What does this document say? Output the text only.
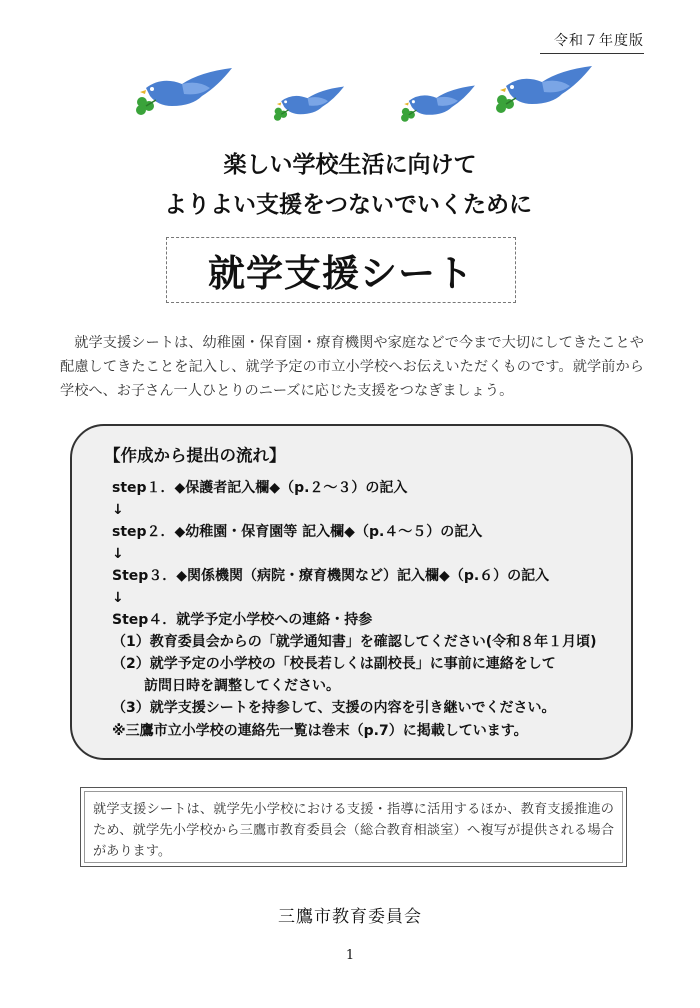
令和７年度版
楽しい学校生活に向けて
よりよい支援をつないでいくために
就学支援シート
　就学支援シートは、幼稚園・保育園・療育機関や家庭などで今まで大切にしてきたことや配慮してきたことを記入し、就学予定の市立小学校へお伝えいただくものです。就学前から学校へ、お子さん一人ひとりのニーズに応じた支援をつなぎましょう。
【作成から提出の流れ】
step１．◆保護者記入欄◆（p.２～３）の記入
↓
step２．◆幼稚園・保育園等 記入欄◆（p.４～５）の記入
↓
Step３．◆関係機関（病院・療育機関など）記入欄◆（p.６）の記入
↓
Step４．就学予定小学校への連絡・持参
（1）教育委員会からの「就学通知書」を確認してください(令和８年１月頃)
（2）就学予定の小学校の「校長若しくは副校長」に事前に連絡をして
訪問日時を調整してください。
（3）就学支援シートを持参して、支援の内容を引き継いでください。
※三鷹市立小学校の連絡先一覧は巻末（p.7）に掲載しています。
就学支援シートは、就学先小学校における支援・指導に活用するほか、教育支援推進のため、就学先小学校から三鷹市教育委員会（総合教育相談室）へ複写が提供される場合があります。
三鷹市教育委員会
1
